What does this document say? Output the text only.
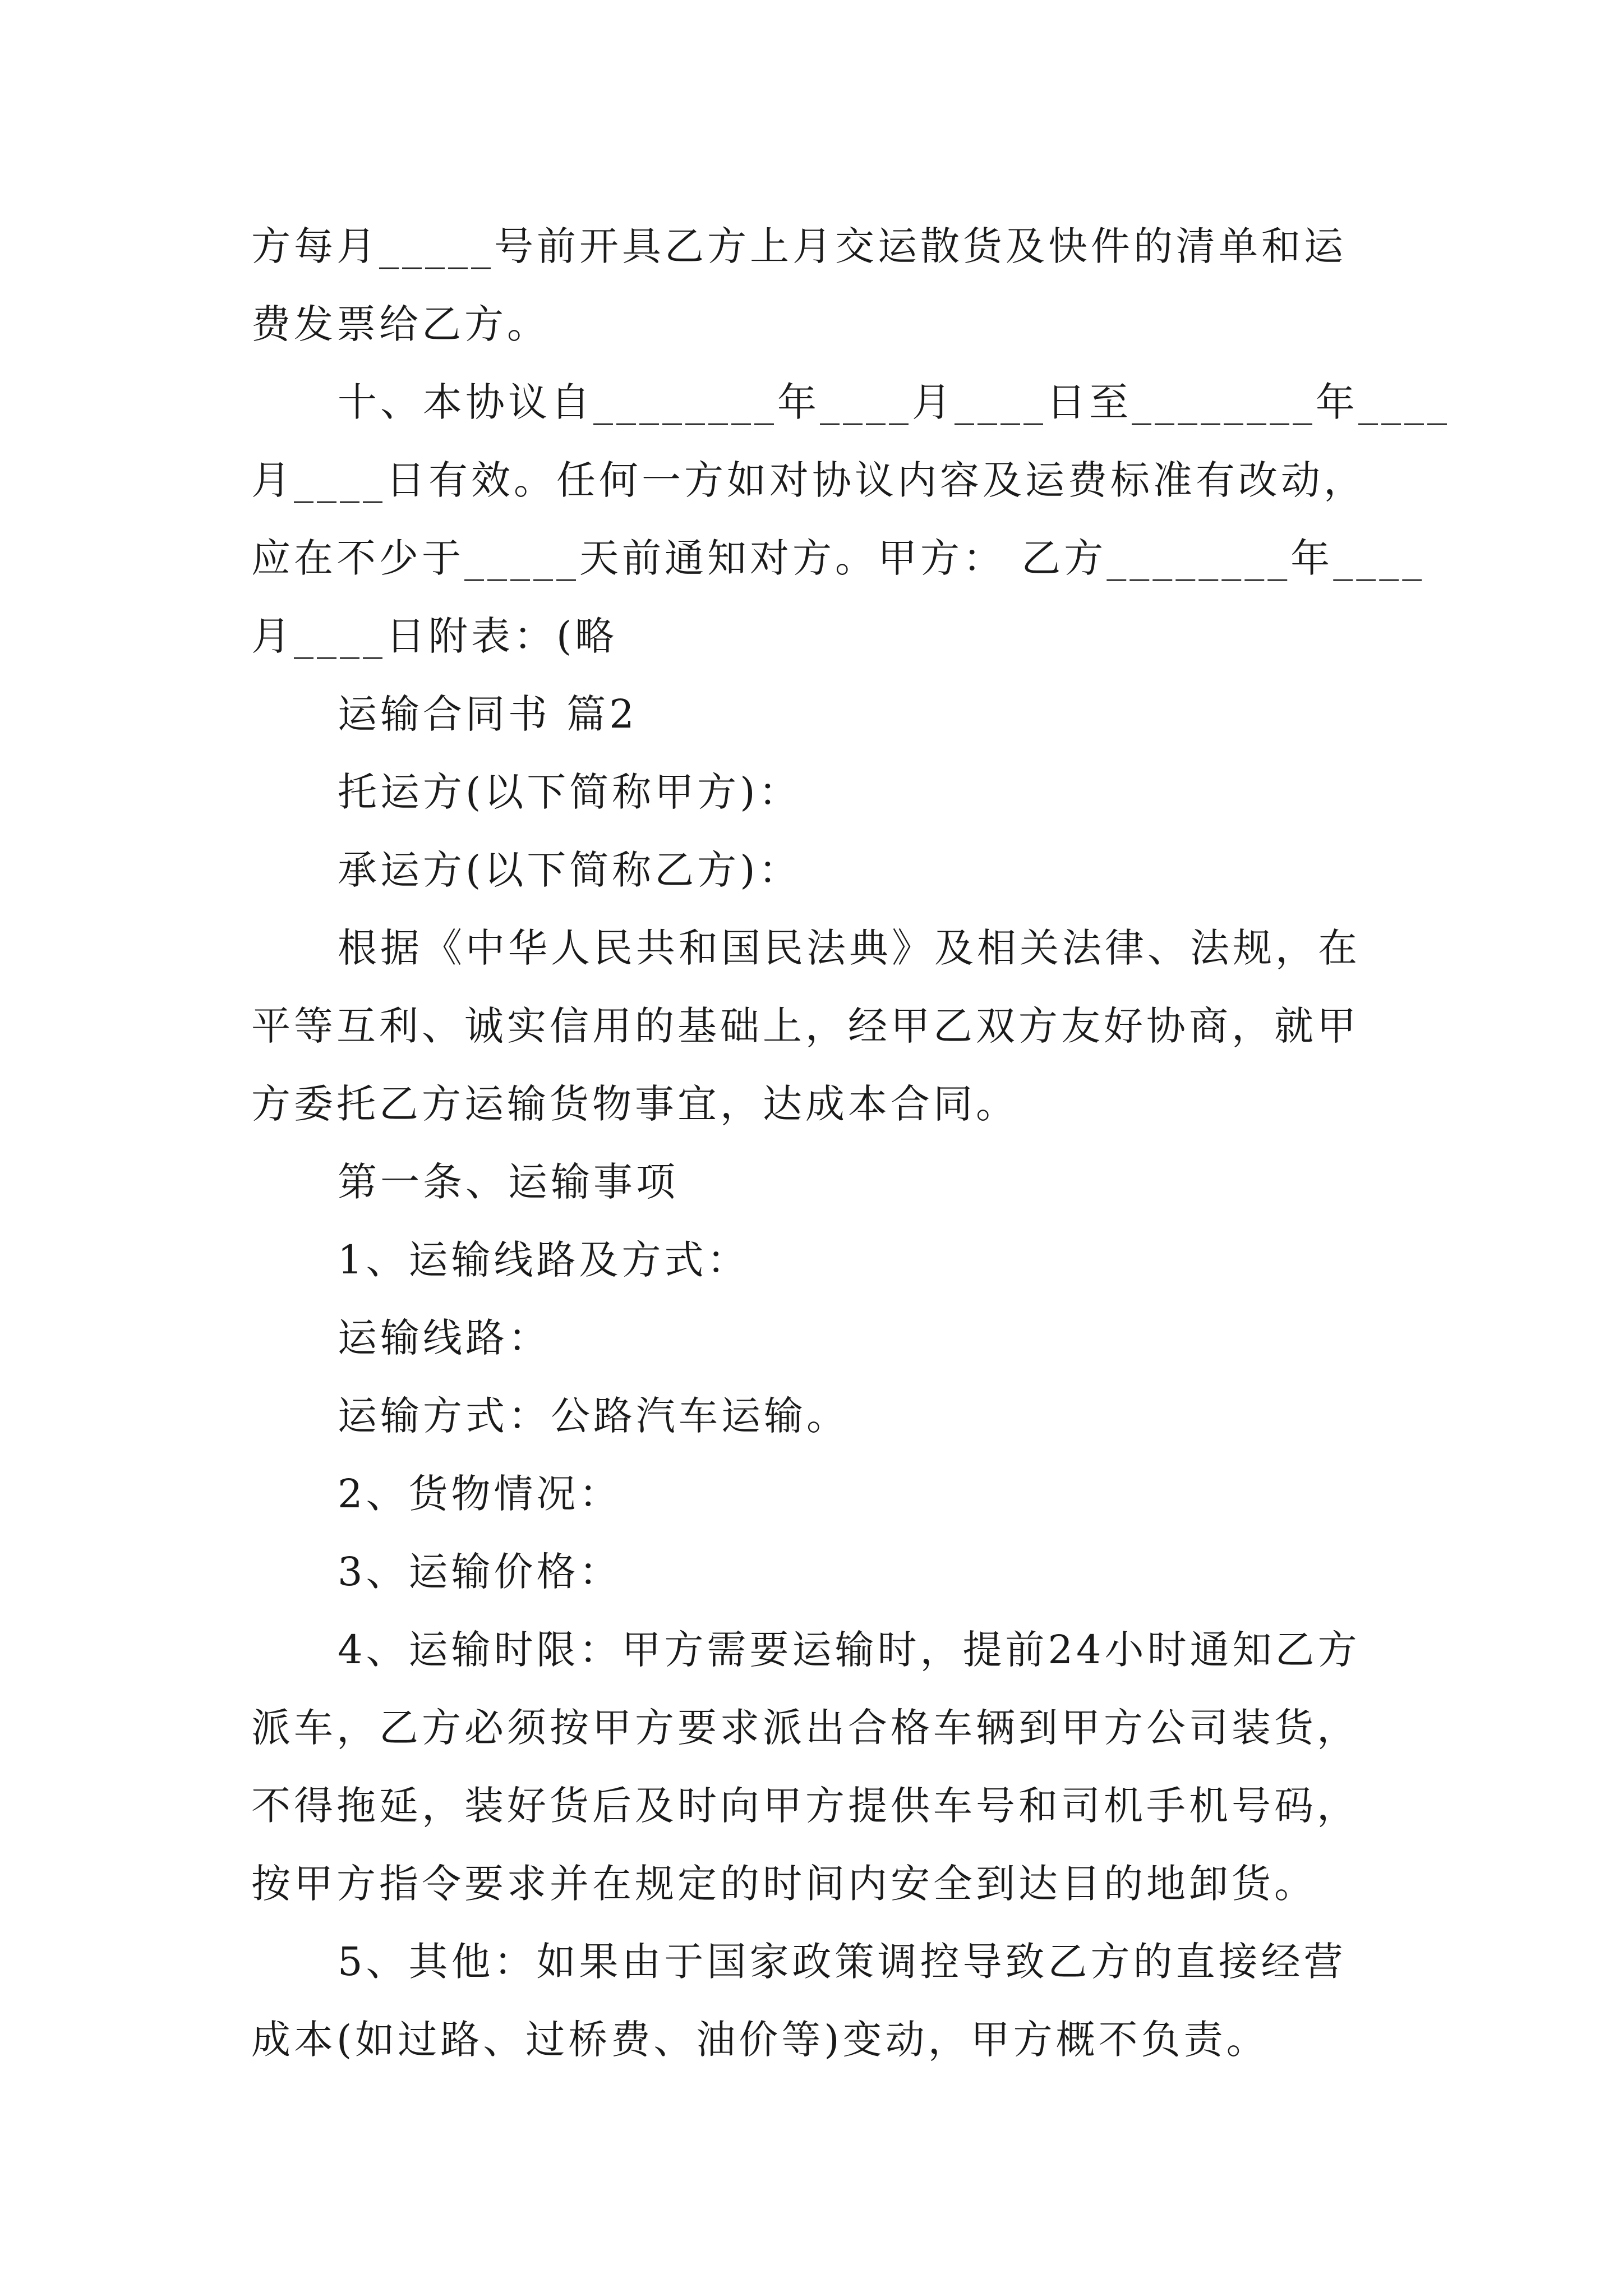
方每月_____号前开具乙方上月交运散货及快件的清单和运
费发票给乙方。
十、本协议自________年____月____日至________年____
月____日有效。任何一方如对协议内容及运费标准有改动，
应在不少于_____天前通知对方。甲方： 乙方________年____
月____日附表：(略
运输合同书 篇2
托运方(以下简称甲方)：
承运方(以下简称乙方)：
根据《中华人民共和国民法典》及相关法律、法规，在
平等互利、诚实信用的基础上，经甲乙双方友好协商，就甲
方委托乙方运输货物事宜，达成本合同。
第一条、运输事项
1、运输线路及方式：
运输线路：
运输方式：公路汽车运输。
2、货物情况：
3、运输价格：
4、运输时限：甲方需要运输时，提前24小时通知乙方
派车，乙方必须按甲方要求派出合格车辆到甲方公司装货，
不得拖延，装好货后及时向甲方提供车号和司机手机号码，
按甲方指令要求并在规定的时间内安全到达目的地卸货。
5、其他：如果由于国家政策调控导致乙方的直接经营
成本(如过路、过桥费、油价等)变动，甲方概不负责。
